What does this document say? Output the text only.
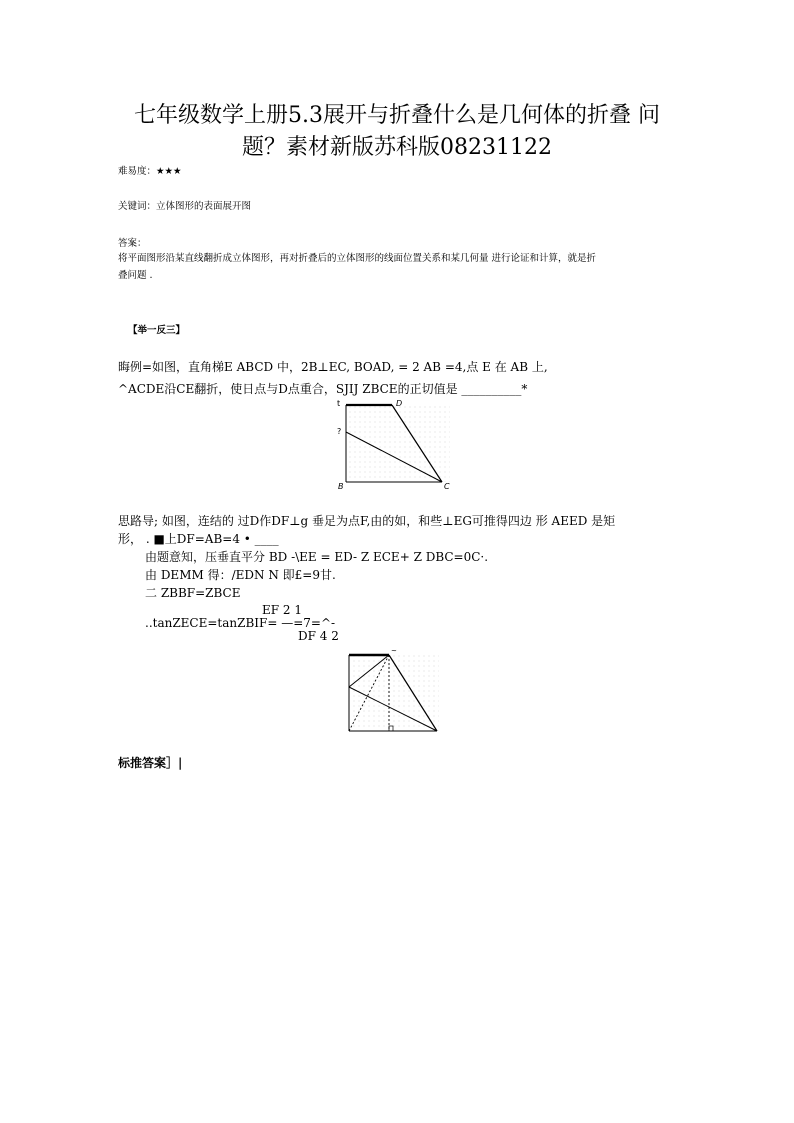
七年级数学上册5.3展开与折叠什么是几何体的折叠 问
题？素材新版苏科版08231122
难易度：★★★
关键词：立体图形的表面展开图
答案：
将平面图形沿某直线翻折成立体图形，再对折叠后的立体图形的线面位置关系和某几何量 进行论证和计算，就是折
叠问题 .
【举一反三】
晦例=如图，直角梯E ABCD 中，2B⊥EC, BOAD, = 2 AB =4,点 E 在 AB 上,
^ACDE沿CE翻折，使日点与D点重合，SJIJ ZBCE的正切值是 __________*
t	D
?
B	C
思路导; 如图，连结的 过D作DF⊥g 垂足为点F,由的如，和些⊥EG可推得四边 形 AEED 是矩
形， . ■上DF=AB=4 • ____
由题意知，压垂直平分 BD -\EE = ED- Z ECE+ Z DBC=0C·.
由 DEMM 得：/EDN N 即£=9甘.
二 ZBBF=ZBCE
EF 2 1
..tanZECE=tanZBIF= —=7=^-
DF 4 2
~
标推答案］|
